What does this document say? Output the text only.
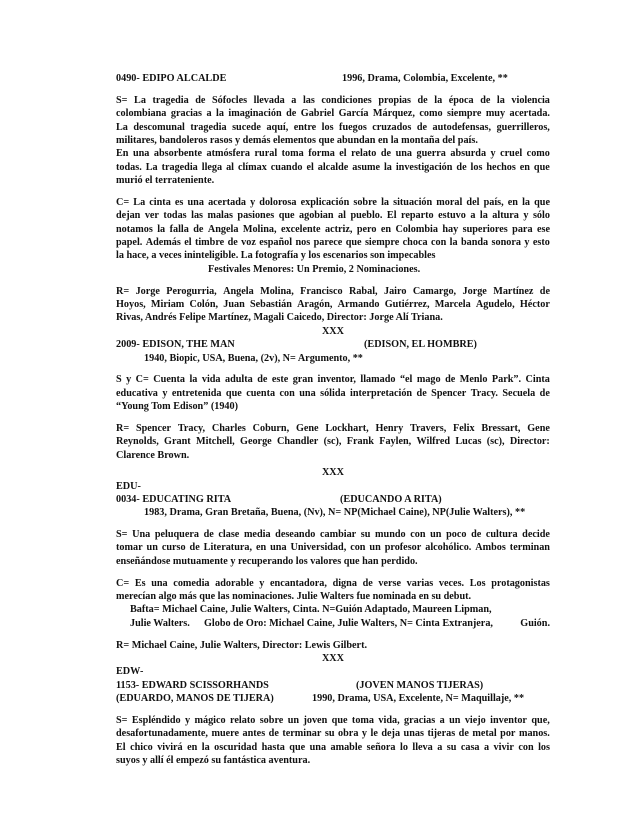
0490- EDIPO ALCALDE	1996, Drama, Colombia, Excelente, **
S= La tragedia de Sófocles llevada a las condiciones propias de la época de la violencia
colombiana gracias a la imaginación de Gabriel García Márquez, como siempre muy acertada.
La descomunal tragedia sucede aquí, entre los fuegos cruzados de autodefensas, guerrilleros,
militares, bandoleros rasos y demás elementos que abundan en la montaña del país.
En una absorbente atmósfera rural toma forma el relato de una guerra absurda y cruel como
todas. La tragedia llega al clímax cuando el alcalde asume la investigación de los hechos en que
murió el terrateniente.
C= La cinta es una acertada y dolorosa explicación sobre la situación moral del país, en la que
dejan ver todas las malas pasiones que agobian al pueblo. El reparto estuvo a la altura y sólo
notamos la falla de Angela Molina, excelente actriz, pero en Colombia hay superiores para ese
papel. Además el timbre de voz español nos parece que siempre choca con la banda sonora y esto
la hace, a veces ininteligible. La fotografía y los escenarios son impecables
Festivales Menores: Un Premio, 2 Nominaciones.
R= Jorge Perogurria, Angela Molina, Francisco Rabal, Jairo Camargo, Jorge Martínez de
Hoyos, Miriam Colón, Juan Sebastián Aragón, Armando Gutiérrez, Marcela Agudelo, Héctor
Rivas, Andrés Felipe Martínez, Magali Caicedo, Director: Jorge Alí Triana.
XXX
2009- EDISON, THE MAN	(EDISON, EL HOMBRE)
1940, Biopic, USA, Buena, (2v), N= Argumento, **
S y C= Cuenta la vida adulta de este gran inventor, llamado “el mago de Menlo Park”. Cinta
educativa y entretenida que cuenta con una sólida interpretación de Spencer Tracy. Secuela de
“Young Tom Edison” (1940)
R= Spencer Tracy, Charles Coburn, Gene Lockhart, Henry Travers, Felix Bressart, Gene
Reynolds, Grant Mitchell, George Chandler (sc), Frank Faylen, Wilfred Lucas (sc), Director:
Clarence Brown.
XXX
EDU-
0034- EDUCATING RITA	(EDUCANDO A RITA)
1983, Drama, Gran Bretaña, Buena, (Nv), N= NP(Michael Caine), NP(Julie Walters), **
S= Una peluquera de clase media deseando cambiar su mundo con un poco de cultura decide
tomar un curso de Literatura, en una Universidad, con un profesor alcohólico. Ambos terminan
enseñándose mutuamente y recuperando los valores que han perdido.
C= Es una comedia adorable y encantadora, digna de verse varias veces. Los protagonistas
merecían algo más que las nominaciones. Julie Walters fue nominada en su debut.
Bafta= Michael Caine, Julie Walters, Cinta. N=Guión Adaptado, Maureen Lipman,
Julie Walters. Globo de Oro: Michael Caine, Julie Walters, N= Cinta Extranjera,	Guión.
R= Michael Caine, Julie Walters, Director: Lewis Gilbert.
XXX
EDW-
1153- EDWARD SCISSORHANDS	(JOVEN MANOS TIJERAS)
(EDUARDO, MANOS DE TIJERA)	1990, Drama, USA, Excelente, N= Maquillaje, **
S= Espléndido y mágico relato sobre un joven que toma vida, gracias a un viejo inventor que,
desafortunadamente, muere antes de terminar su obra y le deja unas tijeras de metal por manos.
El chico vivirá en la oscuridad hasta que una amable señora lo lleva a su casa a vivir con los
suyos y allí él empezó su fantástica aventura.
